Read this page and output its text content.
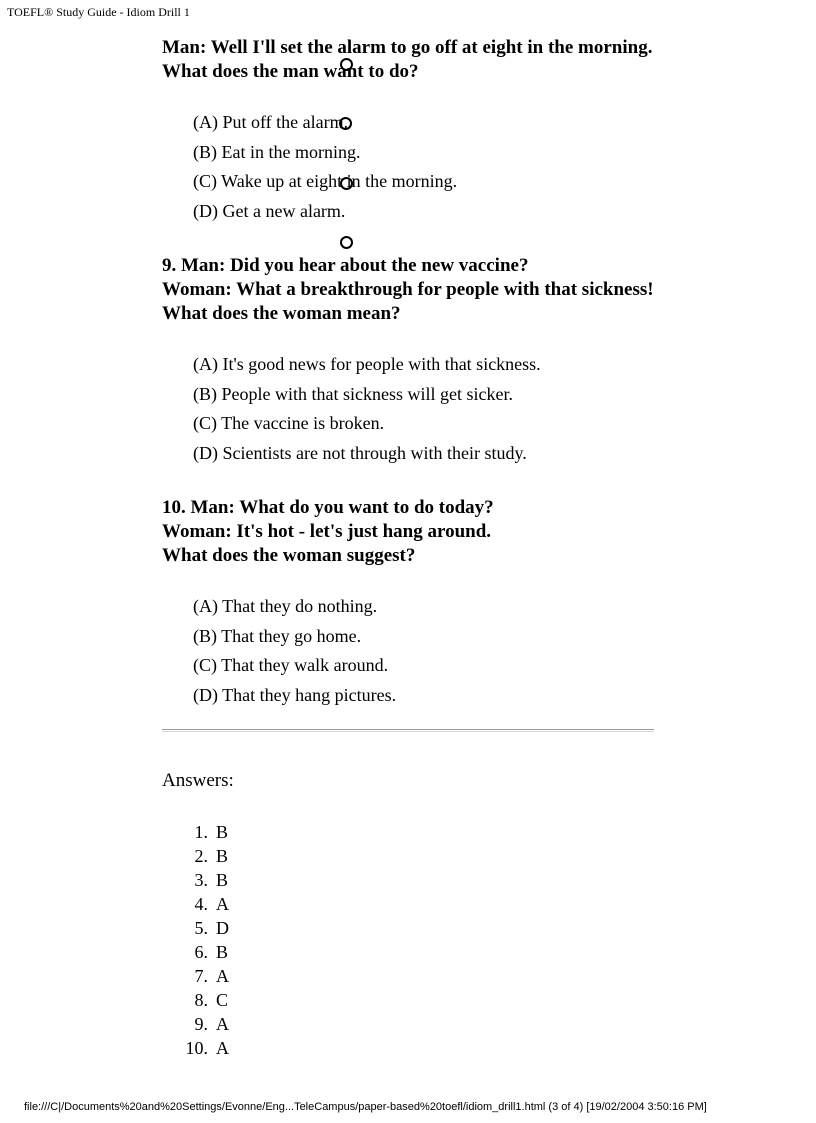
TOEFL® Study Guide - Idiom Drill 1
Man: Well I'll set the alarm to go off at eight in the morning.
What does the man want to do?
(A) Put off the alarm.
(B) Eat in the morning.
(C) Wake up at eight in the morning.
(D) Get a new alarm.
9. Man: Did you hear about the new vaccine?
Woman: What a breakthrough for people with that sickness!
What does the woman mean?
(A) It's good news for people with that sickness.
(B) People with that sickness will get sicker.
(C) The vaccine is broken.
(D) Scientists are not through with their study.
10. Man: What do you want to do today?
Woman: It's hot - let's just hang around.
What does the woman suggest?
(A) That they do nothing.
(B) That they go home.
(C) That they walk around.
(D) That they hang pictures.
Answers:
1. B
2. B
3. B
4. A
5. D
6. B
7. A
8. C
9. A
10. A
file:///C|/Documents%20and%20Settings/Evonne/Eng...TeleCampus/paper-based%20toefl/idiom_drill1.html (3 of 4) [19/02/2004 3:50:16 PM]
